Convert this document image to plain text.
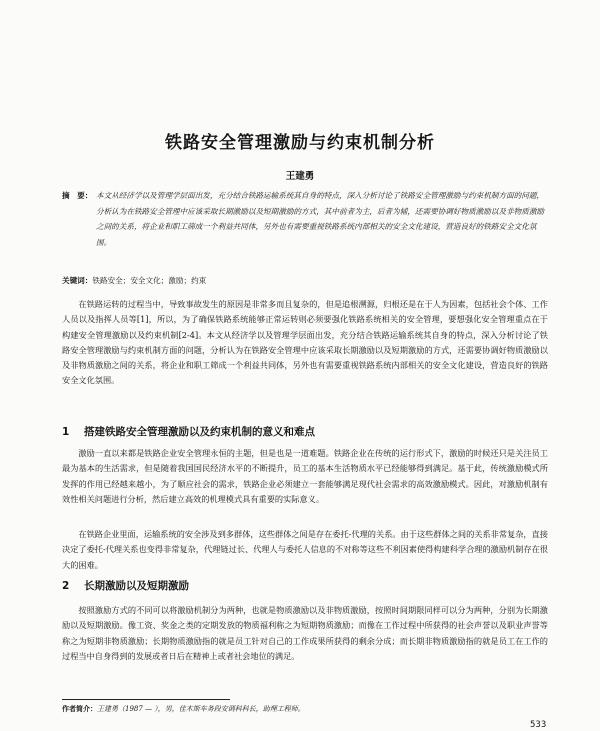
铁路安全管理激励与约束机制分析
王建勇
摘　要： 本文从经济学以及管理学层面出发，充分结合铁路运输系统其自身的特点，深入分析讨论了铁路安全管理激励与约束机制方面的问题，分析认为在铁路安全管理中应该采取长期激励以及短期激励的方式，其中前者为主，后者为辅，还需要协调好物质激励以及非物质激励之间的关系，将企业和职工筛成一个利益共同体，另外也有需要重视铁路系统内部相关的安全文化建设，营造良好的铁路安全文化氛围。
关键词：铁路安全；安全文化；激励；约束
在铁路运转的过程当中，导致事故发生的原因是非常多而且复杂的，但是追根溯源，归根还是在于人为因素，包括社会个体、工作人员以及指挥人员等[1]，所以，为了确保铁路系统能够正常运转则必须要强化铁路系统相关的安全管理，要想强化安全管理重点在于构建安全管理激励以及约束机制[2-4]。本文从经济学以及管理学层面出发，充分结合铁路运输系统其自身的特点，深入分析讨论了铁路安全管理激励与约束机制方面的问题，分析认为在铁路安全管理中应该采取长期激励以及短期激励的方式，还需要协调好物质激励以及非物质激励之间的关系，将企业和职工筛成一个利益共同体，另外也有需要重视铁路系统内部相关的安全文化建设，营造良好的铁路安全文化氛围。
1 搭建铁路安全管理激励以及约束机制的意义和难点
激励一直以来都是铁路企业安全管理永恒的主题，但是也是一道难题。铁路企业在传统的运行形式下，激励的时候还只是关注员工最为基本的生活需求，但是随着我国国民经济水平的不断提升，员工的基本生活物质水平已经能够得到满足。基于此，传统激励模式所发挥的作用已经越来越小，为了顺应社会的需求，铁路企业必须建立一套能够满足现代社会需求的高效激励模式。因此，对激励机制有效性相关问题进行分析，然后建立高效的机理模式具有重要的实际意义。
在铁路企业里面，运输系统的安全涉及到多群体，这些群体之间是存在委托-代理的关系。由于这些群体之间的关系非常复杂，直接决定了委托-代理关系也变得非常复杂，代理链过长、代理人与委托人信息的不对称等这些不利因素使得构建科学合理的激励机制存在很大的困难。
2 长期激励以及短期激励
按照激励方式的不同可以将激励机制分为两种，也就是物质激励以及非物质激励，按照时间期限同样可以分为两种，分别为长期激励以及短期激励。像工资、奖金之类的定期发放的物质福利称之为短期物质激励；而像在工作过程中所获得的社会声誉以及职业声誉等称之为短期非物质激励；长期物质激励指的就是员工针对自己的工作成果所获得的剩余分成；而长期非物质激励指的就是员工在工作的过程当中自身得到的发展或者日后在精神上或者社会地位的满足。
作者简介：王建勇（1987 — ），男，佳木斯车务段安调科科长，助理工程师。
533
